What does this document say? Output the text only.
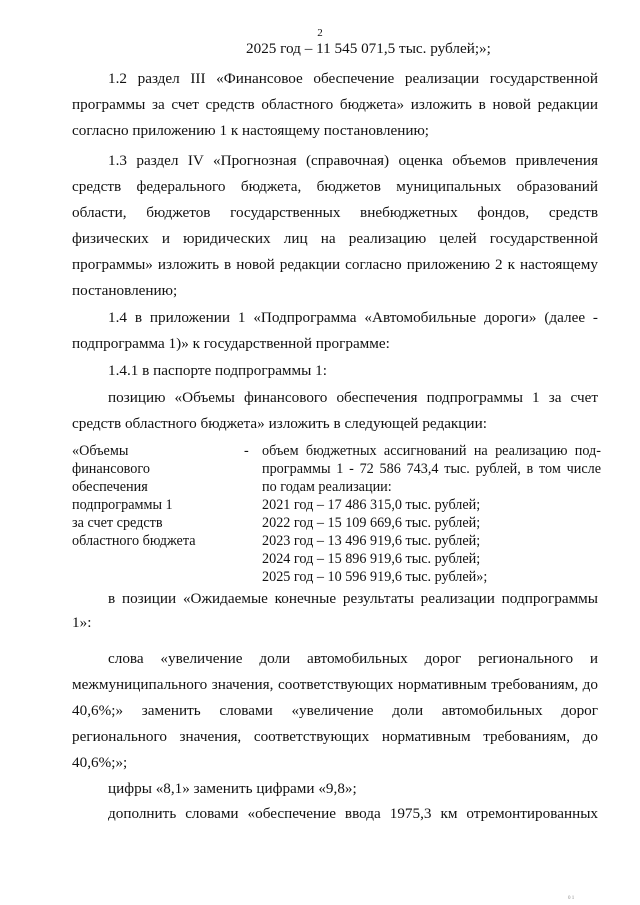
2
2025 год – 11 545 071,5 тыс. рублей;»;
1.2 раздел III «Финансовое обеспечение реализации государственной
программы за счет средств областного бюджета» изложить в новой редакции
согласно приложению 1 к настоящему постановлению;
1.3 раздел IV «Прогнозная (справочная) оценка объемов привлечения
средств федерального бюджета, бюджетов муниципальных образований
области, бюджетов государственных внебюджетных фондов, средств
физических и юридических лиц на реализацию целей государственной
программы» изложить в новой редакции согласно приложению 2 к настоящему
постановлению;
1.4 в приложении 1 «Подпрограмма «Автомобильные дороги» (далее -
подпрограмма 1)» к государственной программе:
1.4.1 в паспорте подпрограммы 1:
позицию «Объемы финансового обеспечения подпрограммы 1 за счет
средств областного бюджета» изложить в следующей редакции:
«Объемы
финансового
обеспечения
подпрограммы 1
за счет средств
областного бюджета
- объем бюджетных ассигнований на реализацию под-
программы 1 - 72 586 743,4 тыс. рублей, в том числе
по годам реализации:
2021 год – 17 486 315,0 тыс. рублей;
2022 год – 15 109 669,6 тыс. рублей;
2023 год – 13 496 919,6 тыс. рублей;
2024 год – 15 896 919,6 тыс. рублей;
2025 год – 10 596 919,6 тыс. рублей»;
в позиции «Ожидаемые конечные результаты реализации подпрограммы
1»:
слова «увеличение доли автомобильных дорог регионального и
межмуниципального значения, соответствующих нормативным требованиям, до
40,6%;» заменить словами «увеличение доли автомобильных дорог
регионального значения, соответствующих нормативным требованиям, до
40,6%;»;
цифры «8,1» заменить цифрами «9,8»;
дополнить словами «обеспечение ввода 1975,3 км отремонтированных
0 1
